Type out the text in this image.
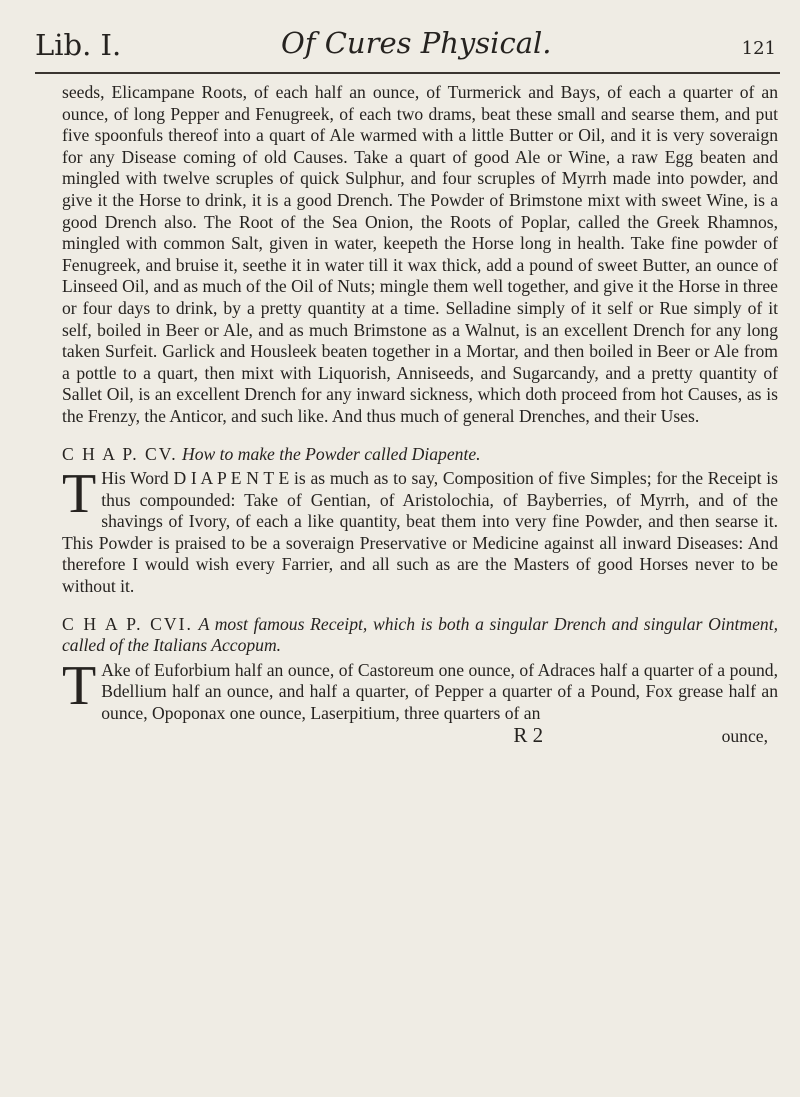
Lib. I.	Of Cures Physical.	121

seeds, Elicampane Roots, of each half an ounce, of Turmerick and Bays, of each a quarter of an ounce, of long Pepper and Fenugreek, of each two drams, beat these small and searse them, and put five spoonfuls thereof into a quart of Ale warmed with a little Butter or Oil, and it is very soveraign for any Disease coming of old Causes. Take a quart of good Ale or Wine, a raw Egg beaten and mingled with twelve scruples of quick Sulphur, and four scruples of Myrrh made into powder, and give it the Horse to drink, it is a good Drench. The Powder of Brimstone mixt with sweet Wine, is a good Drench also. The Root of the Sea Onion, the Roots of Poplar, called the Greek Rhamnos, mingled with common Salt, given in water, keepeth the Horse long in health. Take fine powder of Fenugreek, and bruise it, seethe it in water till it wax thick, add a pound of sweet Butter, an ounce of Linseed Oil, and as much of the Oil of Nuts; mingle them well together, and give it the Horse in three or four days to drink, by a pretty quantity at a time. Selladine simply of it self or Rue simply of it self, boiled in Beer or Ale, and as much Brimstone as a Walnut, is an excellent Drench for any long taken Surfeit. Garlick and Housleek beaten together in a Mortar, and then boiled in Beer or Ale from a pottle to a quart, then mixt with Liquorish, Anniseeds, and Sugarcandy, and a pretty quantity of Sallet Oil, is an excellent Drench for any inward sickness, which doth proceed from hot Causes, as is the Frenzy, the Anticor, and such like. And thus much of general Drenches, and their Uses.

C H A P. CV. How to make the Powder called Diapente.

T His Word D I A P E N T E is as much as to say, Composition of five Simples; for the Receipt is thus compounded: Take of Gentian, of Aristolochia, of Bayberries, of Myrrh, and of the shavings of Ivory, of each a like quantity, beat them into very fine Powder, and then searse it. This Powder is praised to be a soveraign Preservative or Medicine against all inward Diseases: And therefore I would wish every Farrier, and all such as are the Masters of good Horses never to be without it.

C H A P. CVI. A most famous Receipt, which is both a singular Drench and singular Ointment, called of the Italians Accopum.

T Ake of Euforbium half an ounce, of Castoreum one ounce, of Adraces half a quarter of a pound, Bdellium half an ounce, and half a quarter, of Pepper a quarter of a Pound, Fox grease half an ounce, Opoponax one ounce, Laserpitium, three quarters of an

R 2	ounce,
